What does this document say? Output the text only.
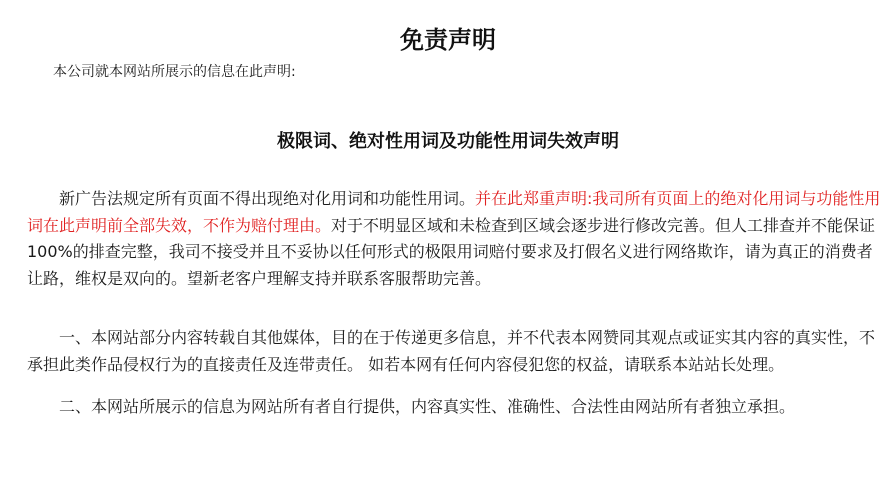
免责声明

本公司就本网站所展示的信息在此声明:

极限词、绝对性用词及功能性用词失效声明

新广告法规定所有页面不得出现绝对化用词和功能性用词。并在此郑重声明:我司所有页面上的绝对化用词与功能性用词在此声明前全部失效，不作为赔付理由。对于不明显区域和未检查到区域会逐步进行修改完善。但人工排查并不能保证100%的排查完整，我司不接受并且不妥协以任何形式的极限用词赔付要求及打假名义进行网络欺诈，请为真正的消费者让路，维权是双向的。望新老客户理解支持并联系客服帮助完善。

一、本网站部分内容转载自其他媒体，目的在于传递更多信息，并不代表本网赞同其观点或证实其内容的真实性，不承担此类作品侵权行为的直接责任及连带责任。 如若本网有任何内容侵犯您的权益，请联系本站站长处理。

二、本网站所展示的信息为网站所有者自行提供，内容真实性、准确性、合法性由网站所有者独立承担。
